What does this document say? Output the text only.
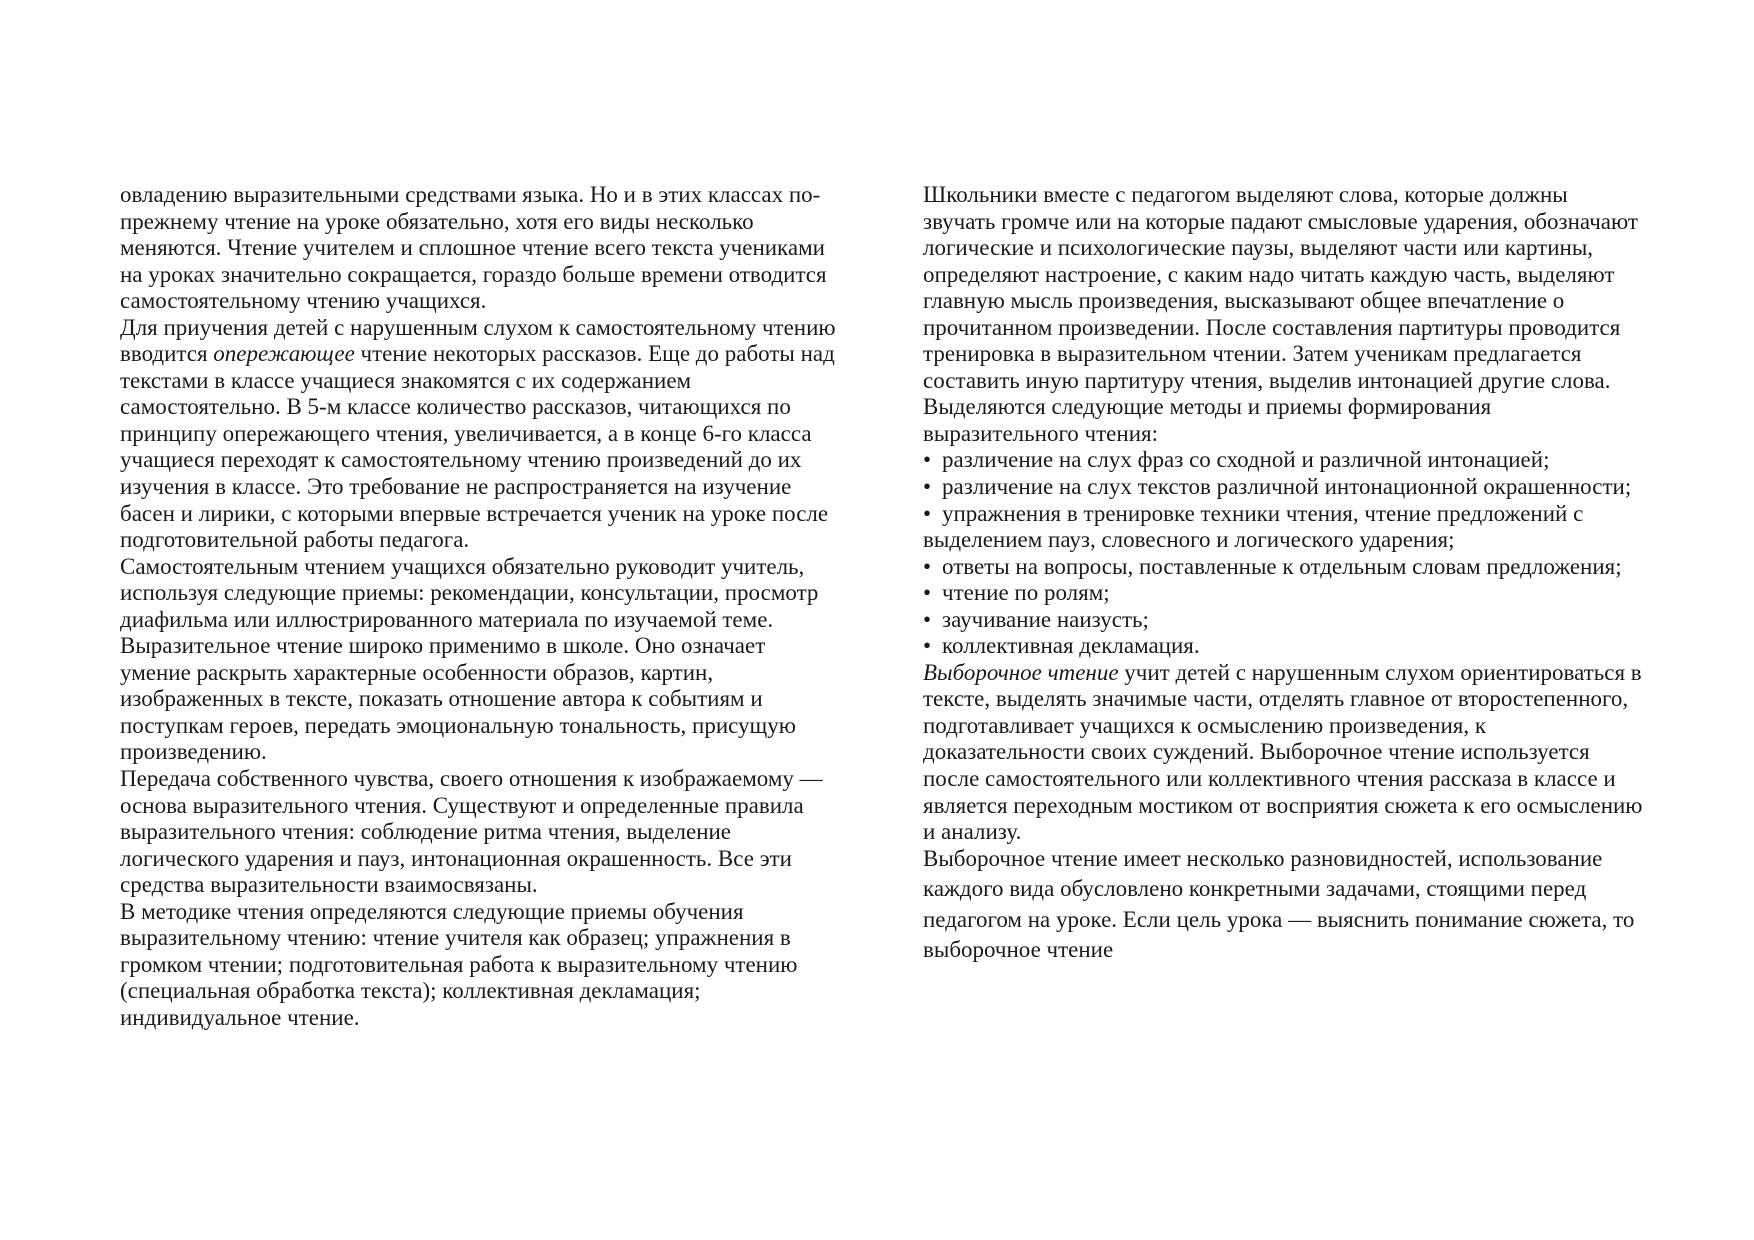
овладению выразительными средствами языка. Но и в этих классах по-
прежнему чтение на уроке обязательно, хотя его виды несколько
меняются. Чтение учителем и сплошное чтение всего текста учениками
на уроках значительно сокращается, гораздо больше времени отводится
самостоятельному чтению учащихся.
Для приучения детей с нарушенным слухом к самостоятельному чтению
вводится опережающее чтение некоторых рассказов. Еще до работы над
текстами в классе учащиеся знакомятся с их содержанием
самостоятельно. В 5-м классе количество рассказов, читающихся по
принципу опережающего чтения, увеличивается, а в конце 6-го класса
учащиеся переходят к самостоятельному чтению произведений до их
изучения в классе. Это требование не распространяется на изучение
басен и лирики, с которыми впервые встречается ученик на уроке после
подготовительной работы педагога.
Самостоятельным чтением учащихся обязательно руководит учитель,
используя следующие приемы: рекомендации, консультации, просмотр
диафильма или иллюстрированного материала по изучаемой теме.
Выразительное чтение широко применимо в школе. Оно означает
умение раскрыть характерные особенности образов, картин,
изображенных в тексте, показать отношение автора к событиям и
поступкам героев, передать эмоциональную тональность, присущую
произведению.
Передача собственного чувства, своего отношения к изображаемому —
основа выразительного чтения. Существуют и определенные правила
выразительного чтения: соблюдение ритма чтения, выделение
логического ударения и пауз, интонационная окрашенность. Все эти
средства выразительности взаимосвязаны.
В методике чтения определяются следующие приемы обучения
выразительному чтению: чтение учителя как образец; упражнения в
громком чтении; подготовительная работа к выразительному чтению
(специальная обработка текста); коллективная декламация;
индивидуальное чтение.
Школьники вместе с педагогом выделяют слова, которые должны
звучать громче или на которые падают смысловые ударения, обозначают
логические и психологические паузы, выделяют части или картины,
определяют настроение, с каким надо читать каждую часть, выделяют
главную мысль произведения, высказывают общее впечатление о
прочитанном произведении. После составления партитуры проводится
тренировка в выразительном чтении. Затем ученикам предлагается
составить иную партитуру чтения, выделив интонацией другие слова.
Выделяются следующие методы и приемы формирования
выразительного чтения:
• различение на слух фраз со сходной и различной интонацией;
• различение на слух текстов различной интонационной окрашенности;
• упражнения в тренировке техники чтения, чтение предложений с
выделением пауз, словесного и логического ударения;
• ответы на вопросы, поставленные к отдельным словам предложения;
• чтение по ролям;
• заучивание наизусть;
• коллективная декламация.
Выборочное чтение учит детей с нарушенным слухом ориентироваться в
тексте, выделять значимые части, отделять главное от второстепенного,
подготавливает учащихся к осмыслению произведения, к
доказательности своих суждений. Выборочное чтение используется
после самостоятельного или коллективного чтения рассказа в классе и
является переходным мостиком от восприятия сюжета к его осмыслению
и анализу.
Выборочное чтение имеет несколько разновидностей, использование
каждого вида обусловлено конкретными задачами, стоящими перед
педагогом на уроке. Если цель урока — выяснить понимание сюжета, то
выборочное чтение
